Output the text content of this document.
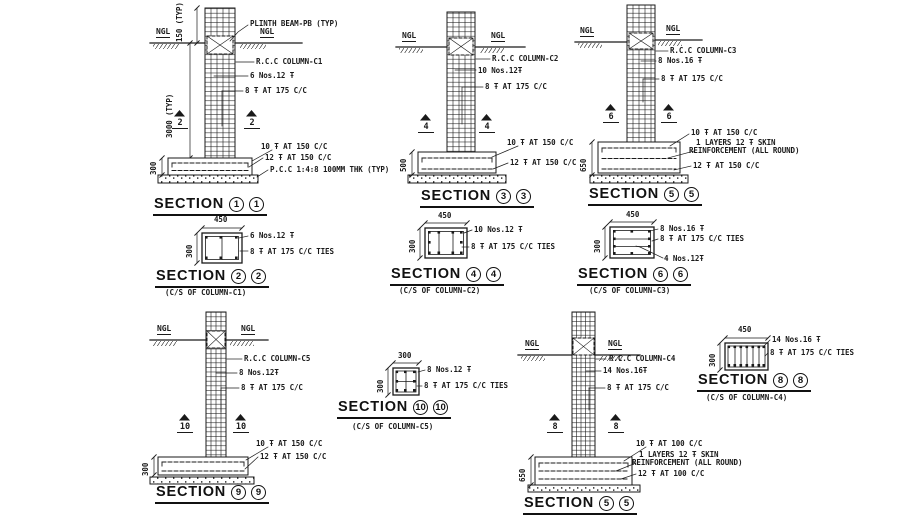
NGL	NGL
PLINTH BEAM-PB (TYP)
R.C.C COLUMN-C1
6 Nos.12 Ŧ
8 Ŧ AT 175 C/C
10 Ŧ AT 150 C/C
12 Ŧ AT 150 C/C
P.C.C 1:4:8 100MM THK (TYP)
150 (TYP)
3000 (TYP)
300
2	2
SECTION	1	1
NGL	NGL
R.C.C COLUMN-C2
10 Nos.12Ŧ
8 Ŧ AT 175 C/C
10 Ŧ AT 150 C/C
12 Ŧ AT 150 C/C
500
4	4
SECTION	3	3
NGL	NGL
R.C.C COLUMN-C3
8 Nos.16 Ŧ
8 Ŧ AT 175 C/C
10 Ŧ AT 150 C/C
1 LAYERS 12 Ŧ SKIN
REINFORCEMENT (ALL ROUND)
12 Ŧ AT 150 C/C
650
6	6
SECTION	5	5
450
300
6 Nos.12 Ŧ
8 Ŧ AT 175 C/C TIES
SECTION	2	2
(C/S OF COLUMN-C1)
450
300
10 Nos.12 Ŧ
8 Ŧ AT 175 C/C TIES
SECTION	4	4
(C/S OF COLUMN-C2)
450
300
8 Nos.16 Ŧ
8 Ŧ AT 175 C/C TIES
4 Nos.12Ŧ
SECTION	6	6
(C/S OF COLUMN-C3)
NGL	NGL
R.C.C COLUMN-C5
8 Nos.12Ŧ
8 Ŧ AT 175 C/C
10 Ŧ AT 150 C/C
12 Ŧ AT 150 C/C
300
10	10
SECTION	9	9
300
300
8 Nos.12 Ŧ
8 Ŧ AT 175 C/C TIES
SECTION 10 10
(C/S OF COLUMN-C5)
NGL	NGL
R.C.C COLUMN-C4
14 Nos.16Ŧ
8 Ŧ AT 175 C/C
10 Ŧ AT 100 C/C
1 LAYERS 12 Ŧ SKIN
REINFORCEMENT (ALL ROUND)
12 Ŧ AT 100 C/C
650
8	8
SECTION	5	5
450
300
14 Nos.16 Ŧ
8 Ŧ AT 175 C/C TIES
SECTION	8	8
(C/S OF COLUMN-C4)
